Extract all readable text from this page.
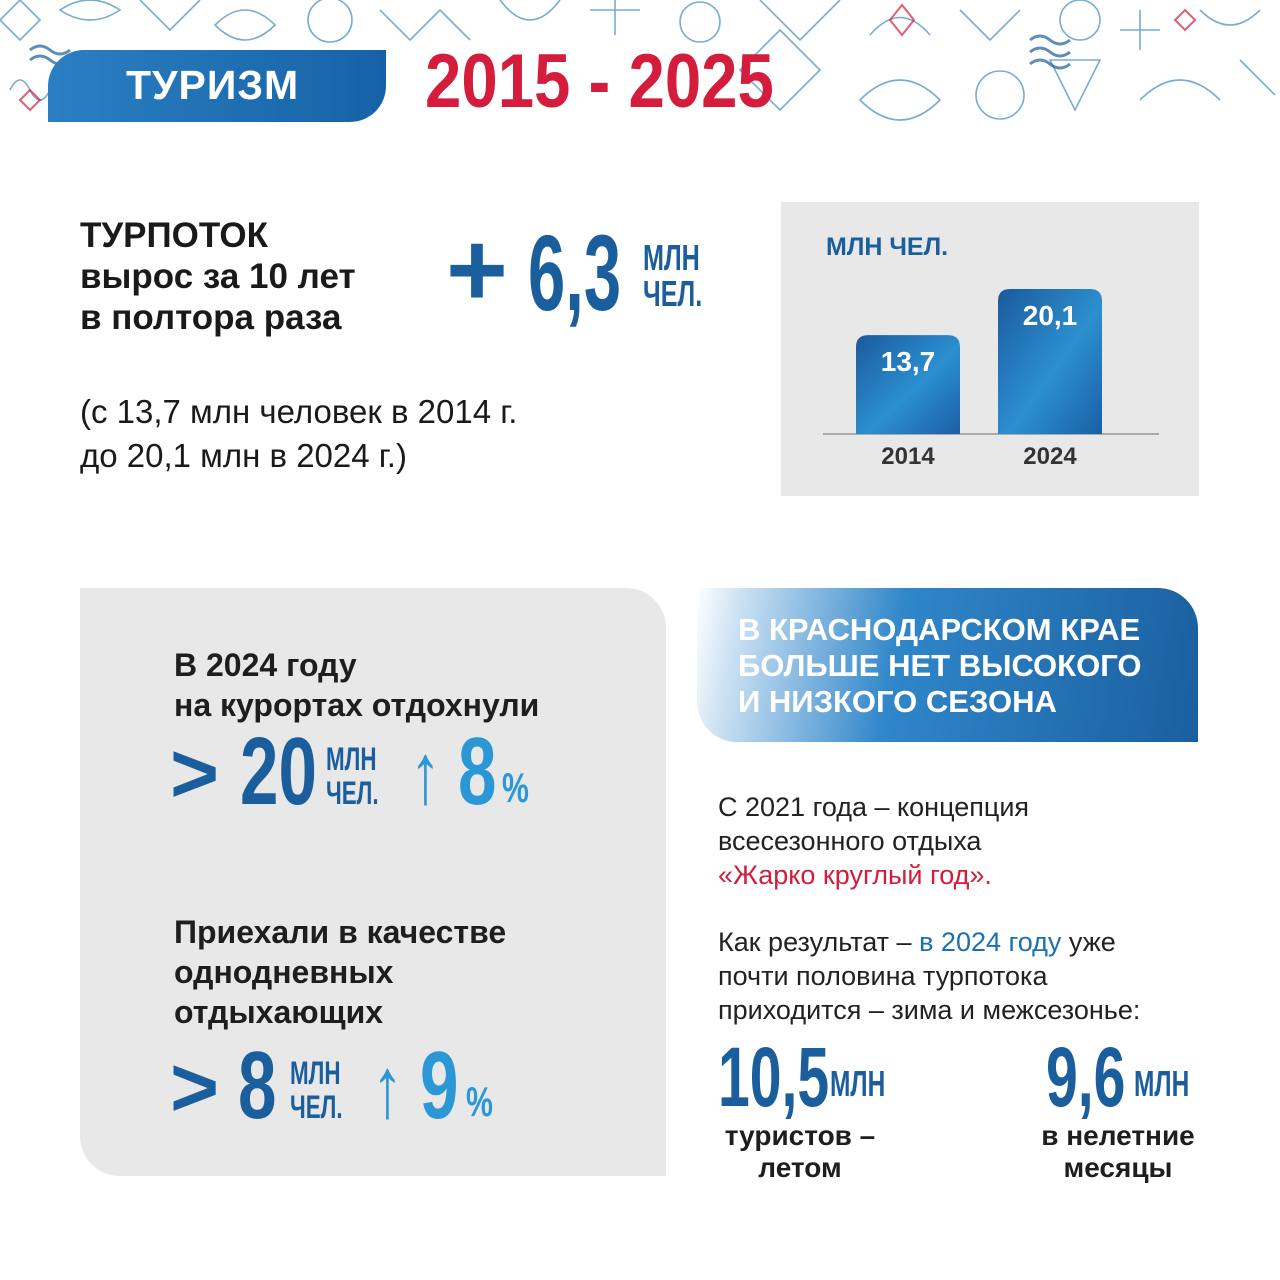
ТУРИЗМ 2015 - 2025
ТУРПОТОК
вырос за 10 лет
в полтора раза + 6,3 МЛН
ЧЕЛ.
(с 13,7 млн человек в 2014 г.
до 20,1 млн в 2024 г.)
МЛН ЧЕЛ.
13,7
2014
20,1
2024
В 2024 году
на курортах отдохнули
> 20 МЛН
ЧЕЛ. ↑ 8 %
Приехали в качестве
однодневных
отдыхающих
> 8 МЛН
ЧЕЛ. ↑ 9 %
В КРАСНОДАРСКОМ КРАЕ
БОЛЬШЕ НЕТ ВЫСОКОГО
И НИЗКОГО СЕЗОНА
С 2021 года – концепция
всесезонного отдыха
«Жарко круглый год».
Как результат – в 2024 году уже
почти половина турпотока
приходится – зима и межсезонье:
10,5 МЛН
туристов –
летом
9,6 МЛН
в нелетние
месяцы
